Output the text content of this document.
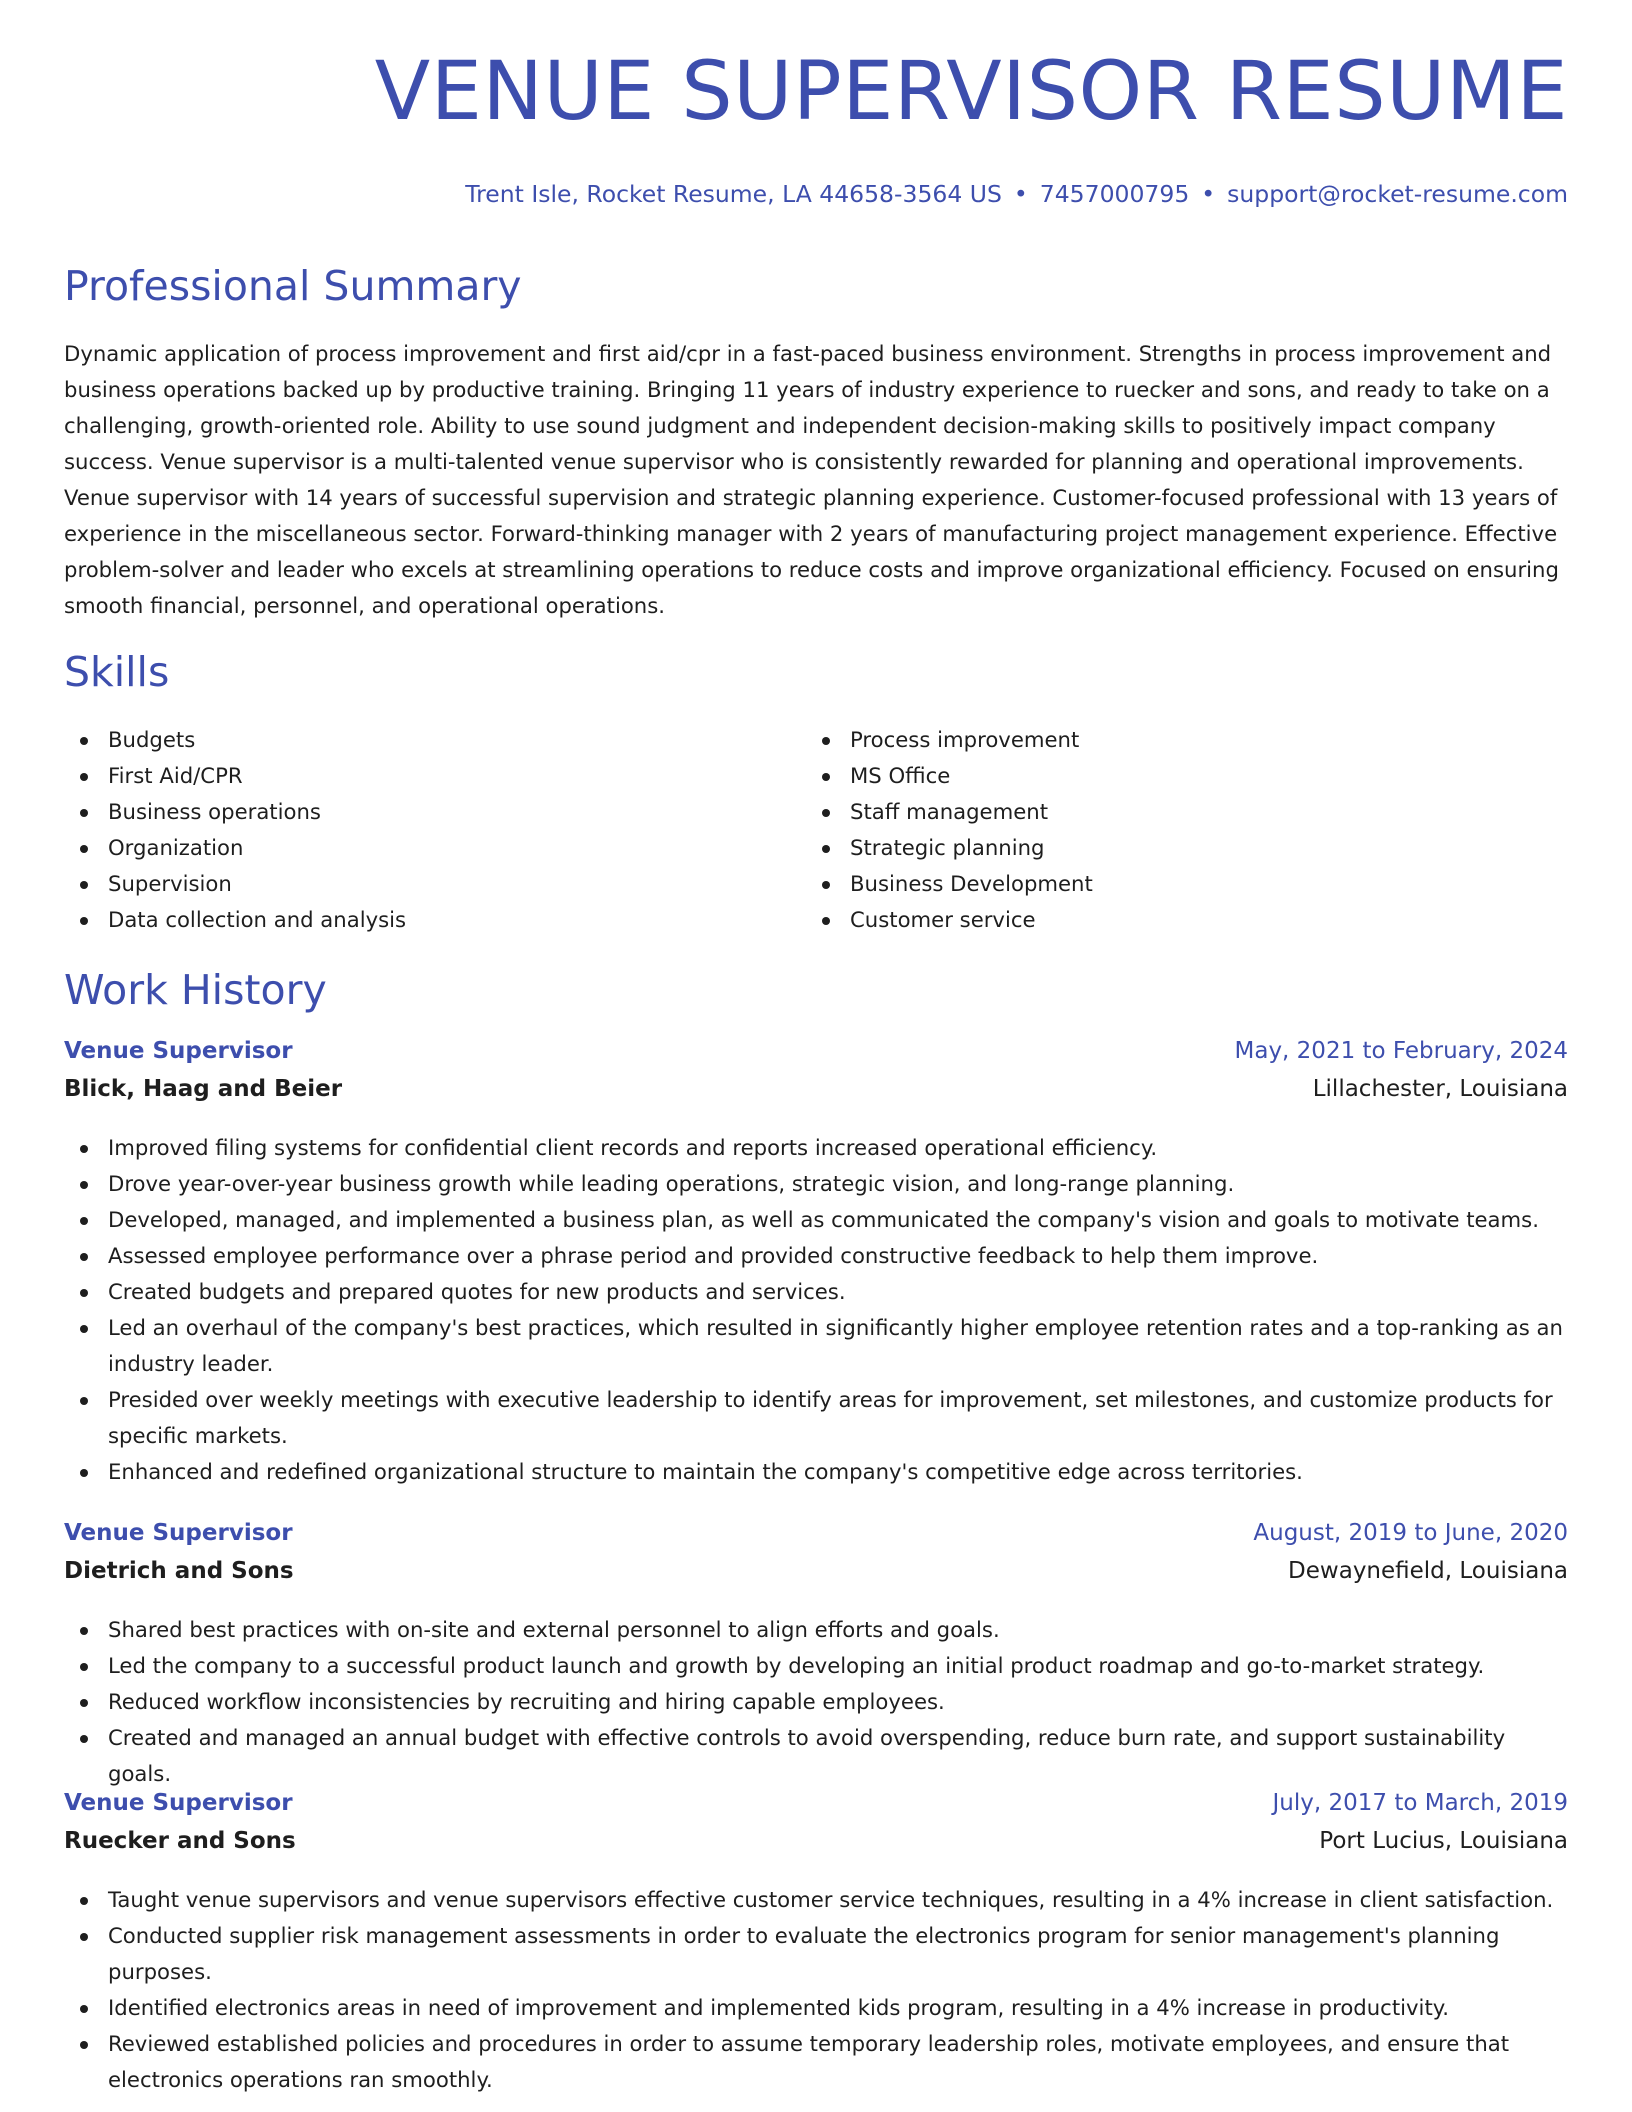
VENUE SUPERVISOR RESUME
Trent Isle, Rocket Resume, LA 44658-3564 US • 7457000795 • support@rocket-resume.com
Professional Summary

Dynamic application of process improvement and first aid/cpr in a fast-paced business environment. Strengths in process improvement and business operations backed up by productive training. Bringing 11 years of industry experience to ruecker and sons, and ready to take on a challenging, growth-oriented role. Ability to use sound judgment and independent decision-making skills to positively impact company success. Venue supervisor is a multi-talented venue supervisor who is consistently rewarded for planning and operational improvements. Venue supervisor with 14 years of successful supervision and strategic planning experience. Customer-focused professional with 13 years of experience in the miscellaneous sector. Forward-thinking manager with 2 years of manufacturing project management experience. Effective problem-solver and leader who excels at streamlining operations to reduce costs and improve organizational efficiency. Focused on ensuring smooth financial, personnel, and operational operations.

Skills
Budgets
First Aid/CPR
Business operations
Organization
Supervision
Data collection and analysis
Process improvement
MS Office
Staff management
Strategic planning
Business Development
Customer service
Work History
Venue Supervisor	May, 2021 to February, 2024
Blick, Haag and Beier	Lillachester, Louisiana
Improved filing systems for confidential client records and reports increased operational efficiency.
Drove year-over-year business growth while leading operations, strategic vision, and long-range planning.
Developed, managed, and implemented a business plan, as well as communicated the company's vision and goals to motivate teams.
Assessed employee performance over a phrase period and provided constructive feedback to help them improve.
Created budgets and prepared quotes for new products and services.
Led an overhaul of the company's best practices, which resulted in significantly higher employee retention rates and a top-ranking as an industry leader.
Presided over weekly meetings with executive leadership to identify areas for improvement, set milestones, and customize products for specific markets.
Enhanced and redefined organizational structure to maintain the company's competitive edge across territories.
Venue Supervisor	August, 2019 to June, 2020
Dietrich and Sons	Dewaynefield, Louisiana
Shared best practices with on-site and external personnel to align efforts and goals.
Led the company to a successful product launch and growth by developing an initial product roadmap and go-to-market strategy.
Reduced workflow inconsistencies by recruiting and hiring capable employees.
Created and managed an annual budget with effective controls to avoid overspending, reduce burn rate, and support sustainability goals.
Venue Supervisor	July, 2017 to March, 2019
Ruecker and Sons	Port Lucius, Louisiana
Taught venue supervisors and venue supervisors effective customer service techniques, resulting in a 4% increase in client satisfaction.
Conducted supplier risk management assessments in order to evaluate the electronics program for senior management's planning purposes.
Identified electronics areas in need of improvement and implemented kids program, resulting in a 4% increase in productivity.
Reviewed established policies and procedures in order to assume temporary leadership roles, motivate employees, and ensure that electronics operations ran smoothly.
